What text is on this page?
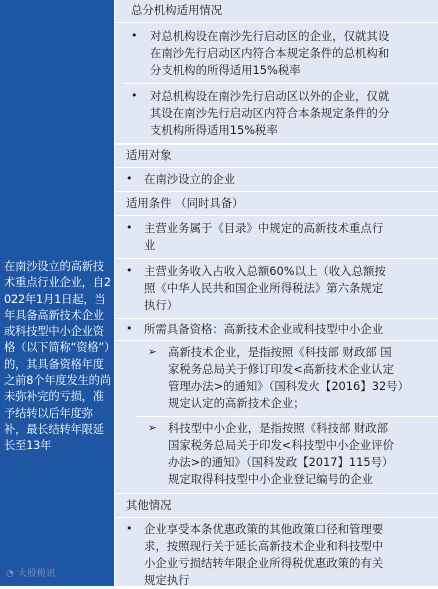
在南沙设立的高新技术重点行业企业，自2022年1月1日起，当年具备高新技术企业或科技型中小企业资格（以下简称“资格”）的，其具备资格年度之前8个年度发生的尚未弥补完的亏损，准予结转以后年度弥补，最长结转年限延长至13年
总分机构适用情况
• 对总机构设在南沙先行启动区的企业，仅就其设
在南沙先行启动区内符合本规定条件的总机构和
分支机构的所得适用15%税率
• 对总机构设在南沙先行启动区以外的企业，仅就
其设在南沙先行启动区内符合本条规定条件的分
支机构所得适用15%税率
适用对象
• 在南沙设立的企业
适用条件 （同时具备）
• 主营业务属于《目录》中规定的高新技术重点行
业
• 主营业务收入占收入总额60%以上（收入总额按
照《中华人民共和国企业所得税法》第六条规定
执行）
• 所需具备资格：高新技术企业或科技型中小企业
➢ 高新技术企业，是指按照《科技部 财政部 国
家税务总局关于修订印发<高新技术企业认定
管理办法>的通知》（国科发火【2016】32号）
规定认定的高新技术企业；
➢ 科技型中小企业，是指按照《科技部 财政部
国家税务总局关于印发<科技型中小企业评价
办法>的通知》（国科发政【2017】115号）
规定取得科技型中小企业登记编号的企业
其他情况
• 企业享受本条优惠政策的其他政策口径和管理要
求，按照现行关于延长高新技术企业和科技型中
小企业亏损结转年限企业所得税优惠政策的有关
规定执行
◔ 大殷税讯
